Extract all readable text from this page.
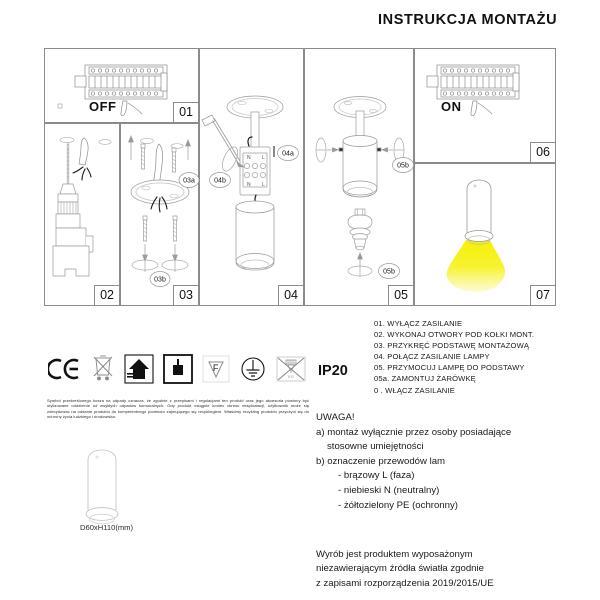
INSTRUKCJA MONTAŻU
OFF	01
02
03a
03b
03
N L
N L
04a
04b
04
05b
05b
05
ON
06
07
F
KG IP20
01. WYŁĄCZ ZASILANIE
02. WYKONAJ OTWORY POD KOŁKI MONT.
03. PRZYKRĘĆ PODSTAWĘ MONTAŻOWĄ
04. POŁĄCZ ZASILANIE LAMPY
05. PRZYMOCUJ LAMPĘ DO PODSTAWY
05a. ZAMONTUJ ŻARÓWKĘ
0 . WŁĄCZ ZASILANIE

Symbol przekreślonego kosza na odpady oznacza, że zgodnie z przepisami i regulacjami ten produkt oraz jego akcesoria powinny być utylizowane oddzielnie od zwykłych odpadów komunalnych. Gdy produkt osiągnie koniec okresu eksploatacji, użytkownik może się zdecydować na oddanie produktu do kompetentnego podmiotu zajmującego się recyklingiem. Właściwy recykling produktu przyczyni się do ochrony życia ludzkiego i środowiska.

D60xH110(mm)
UWAGA!
a) montaż wyłącznie przez osoby posiadające
stosowne umiejętności
b) oznaczenie przewodów lam
- brązowy L (faza)
- niebieski N (neutralny)
- żółtozielony PE (ochronny)
Wyrób jest produktem wyposażonym
niezawierającym źródła światła zgodnie
z zapisami rozporządzenia 2019/2015/UE
